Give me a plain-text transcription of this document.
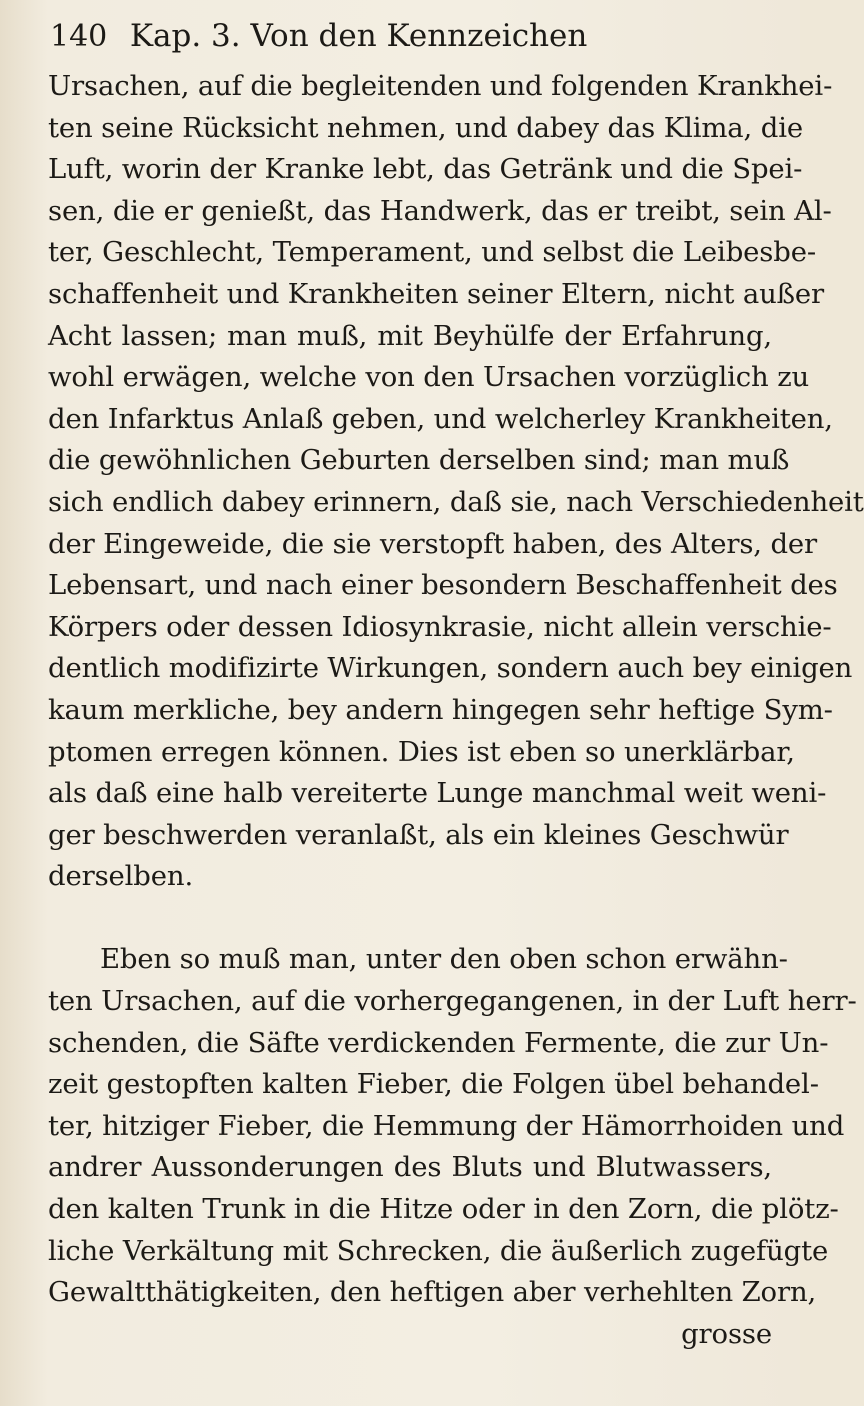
140 Kap. 3. Von den Kennzeichen
Ursachen, auf die begleitenden und folgenden Krankhei-
ten seine Rücksicht nehmen, und dabey das Klima, die
Luft, worin der Kranke lebt, das Getränk und die Spei-
sen, die er genießt, das Handwerk, das er treibt, sein Al-
ter, Geschlecht, Temperament, und selbst die Leibesbe-
schaffenheit und Krankheiten seiner Eltern, nicht außer
Acht lassen; man muß, mit Beyhülfe der Erfahrung,
wohl erwägen, welche von den Ursachen vorzüglich zu
den Infarktus Anlaß geben, und welcherley Krankheiten,
die gewöhnlichen Geburten derselben sind; man muß
sich endlich dabey erinnern, daß sie, nach Verschiedenheit
der Eingeweide, die sie verstopft haben, des Alters, der
Lebensart, und nach einer besondern Beschaffenheit des
Körpers oder dessen Idiosynkrasie, nicht allein verschie-
dentlich modifizirte Wirkungen, sondern auch bey einigen
kaum merkliche, bey andern hingegen sehr heftige Sym-
ptomen erregen können. Dies ist eben so unerklärbar,
als daß eine halb vereiterte Lunge manchmal weit weni-
ger beschwerden veranlaßt, als ein kleines Geschwür
derselben.
Eben so muß man, unter den oben schon erwähn-
ten Ursachen, auf die vorhergegangenen, in der Luft herr-
schenden, die Säfte verdickenden Fermente, die zur Un-
zeit gestopften kalten Fieber, die Folgen übel behandel-
ter, hitziger Fieber, die Hemmung der Hämorrhoiden und
andrer Aussonderungen des Bluts und Blutwassers,
den kalten Trunk in die Hitze oder in den Zorn, die plötz-
liche Verkältung mit Schrecken, die äußerlich zugefügte
Gewaltthätigkeiten, den heftigen aber verhehlten Zorn,
grosse
